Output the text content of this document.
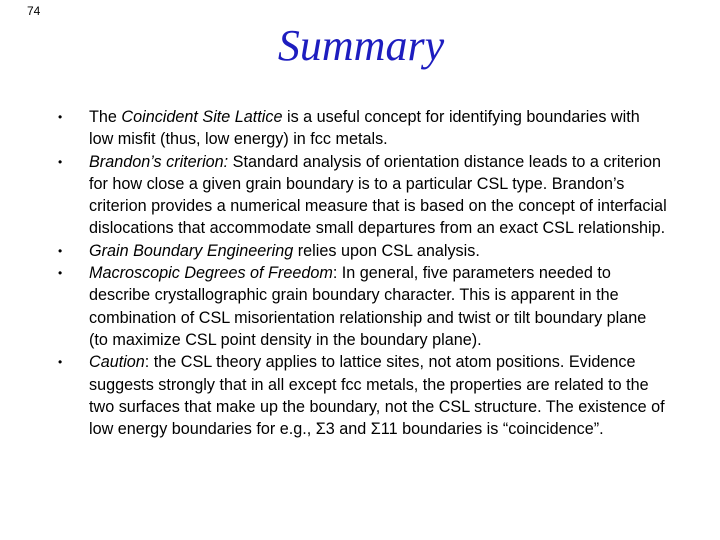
74
Summary
• The Coincident Site Lattice is a useful concept for identifying boundaries with low misfit (thus, low energy) in fcc metals.
• Brandon’s criterion: Standard analysis of orientation distance leads to a criterion for how close a given grain boundary is to a particular CSL type. Brandon’s criterion provides a numerical measure that is based on the concept of interfacial dislocations that accommodate small departures from an exact CSL relationship.
• Grain Boundary Engineering relies upon CSL analysis.
• Macroscopic Degrees of Freedom: In general, five parameters needed to describe crystallographic grain boundary character. This is apparent in the combination of CSL misorientation relationship and twist or tilt boundary plane (to maximize CSL point density in the boundary plane).
• Caution: the CSL theory applies to lattice sites, not atom positions. Evidence suggests strongly that in all except fcc metals, the properties are related to the two surfaces that make up the boundary, not the CSL structure. The existence of low energy boundaries for e.g., Σ3 and Σ11 boundaries is “coincidence”.
